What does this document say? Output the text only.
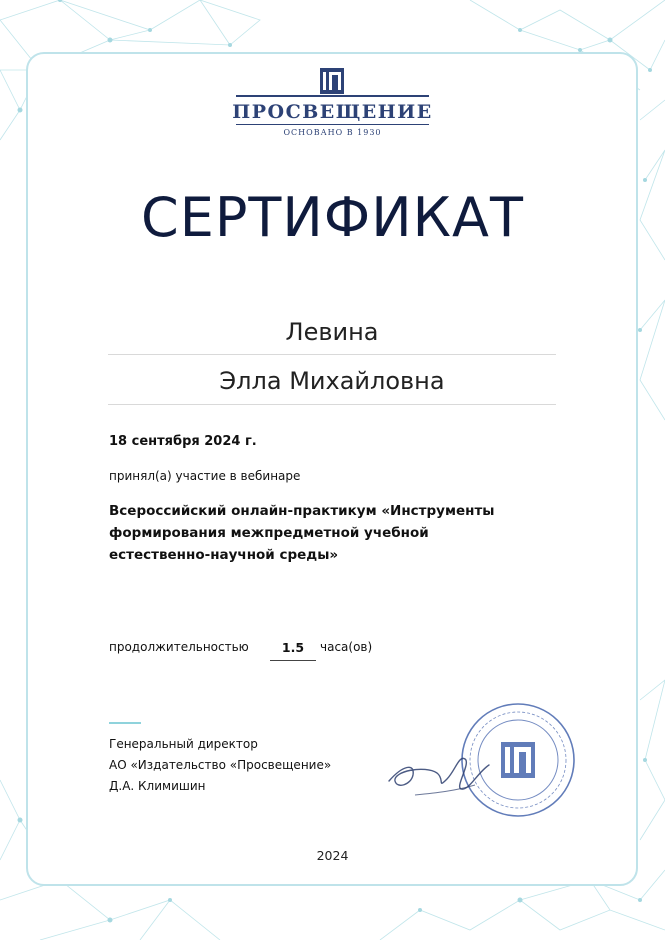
ПРОСВЕЩЕНИЕ
ОСНОВАНО В 1930
СЕРТИФИКАТ
Левина
Элла Михайловна
18 сентября 2024 г.
принял(а) участие в вебинаре
Всероссийский онлайн-практикум «Инструменты
формирования межпредметной учебной
естественно-научной среды»
продолжительностью	1.5	часа(ов)
Генеральный директор
АО «Издательство «Просвещение»
Д.А. Климишин
2024
